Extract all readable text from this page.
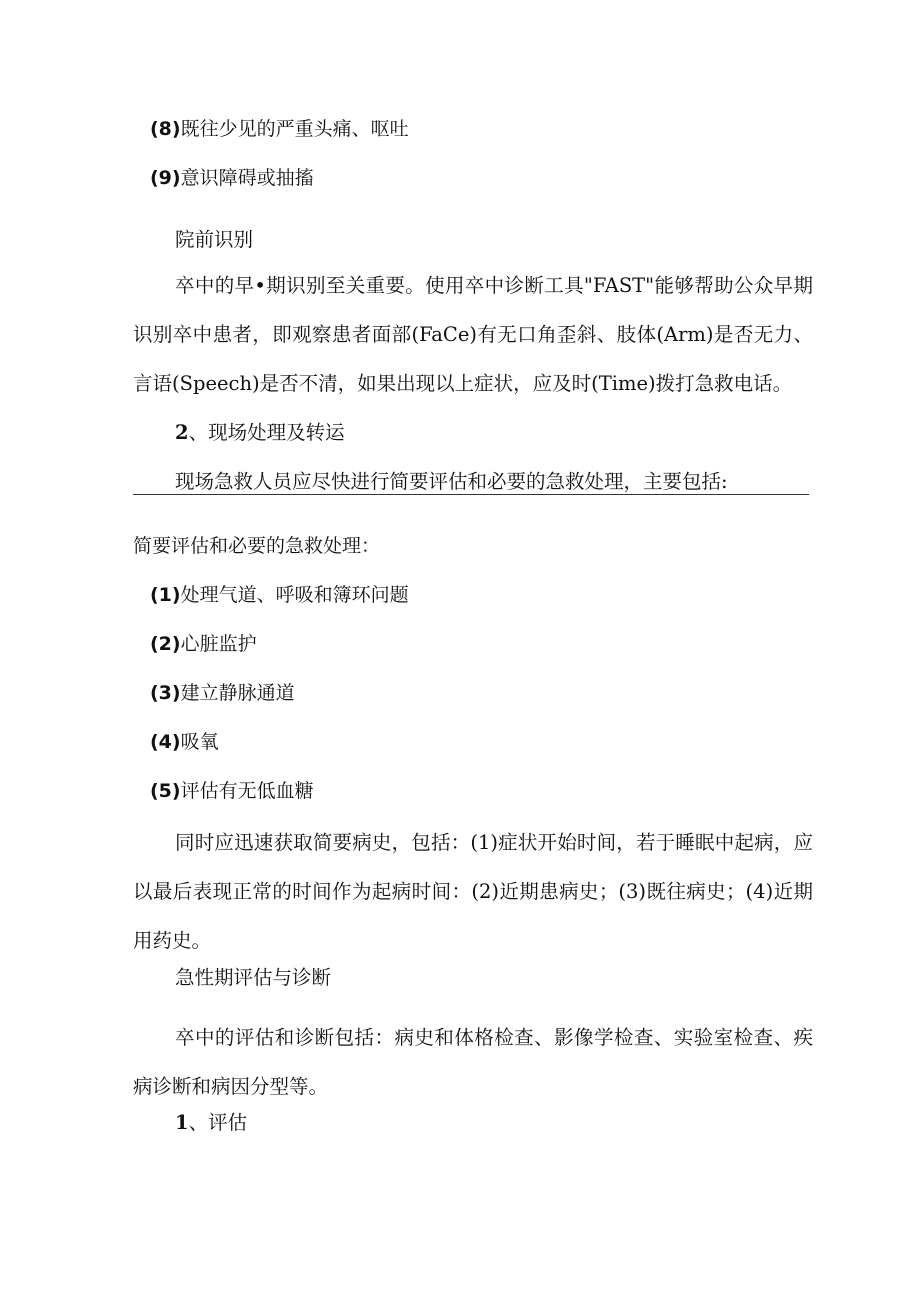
(8)既往少见的严重头痛、呕吐
(9)意识障碍或抽搐
院前识别
卒中的早•期识别至关重要。使用卒中诊断工具"FAST"能够帮助公众早期识别卒中患者，即观察患者面部(FaCe)有无口角歪斜、肢体(Arm)是否无力、言语(Speech)是否不清，如果出现以上症状，应及时(Time)拨打急救电话。
2、现场处理及转运
现场急救人员应尽快进行简要评估和必要的急救处理，主要包括:
简要评估和必要的急救处理：
(1)处理气道、呼吸和簿环问题
(2)心脏监护
(3)建立静脉通道
(4)吸氧
(5)评估有无低血糖
同时应迅速获取简要病史，包括：(1)症状开始时间，若于睡眠中起病，应以最后表现正常的时间作为起病时间：(2)近期患病史；(3)既往病史；(4)近期用药史。
急性期评估与诊断
卒中的评估和诊断包括：病史和体格检查、影像学检查、实验室检查、疾病诊断和病因分型等。
1、评估
